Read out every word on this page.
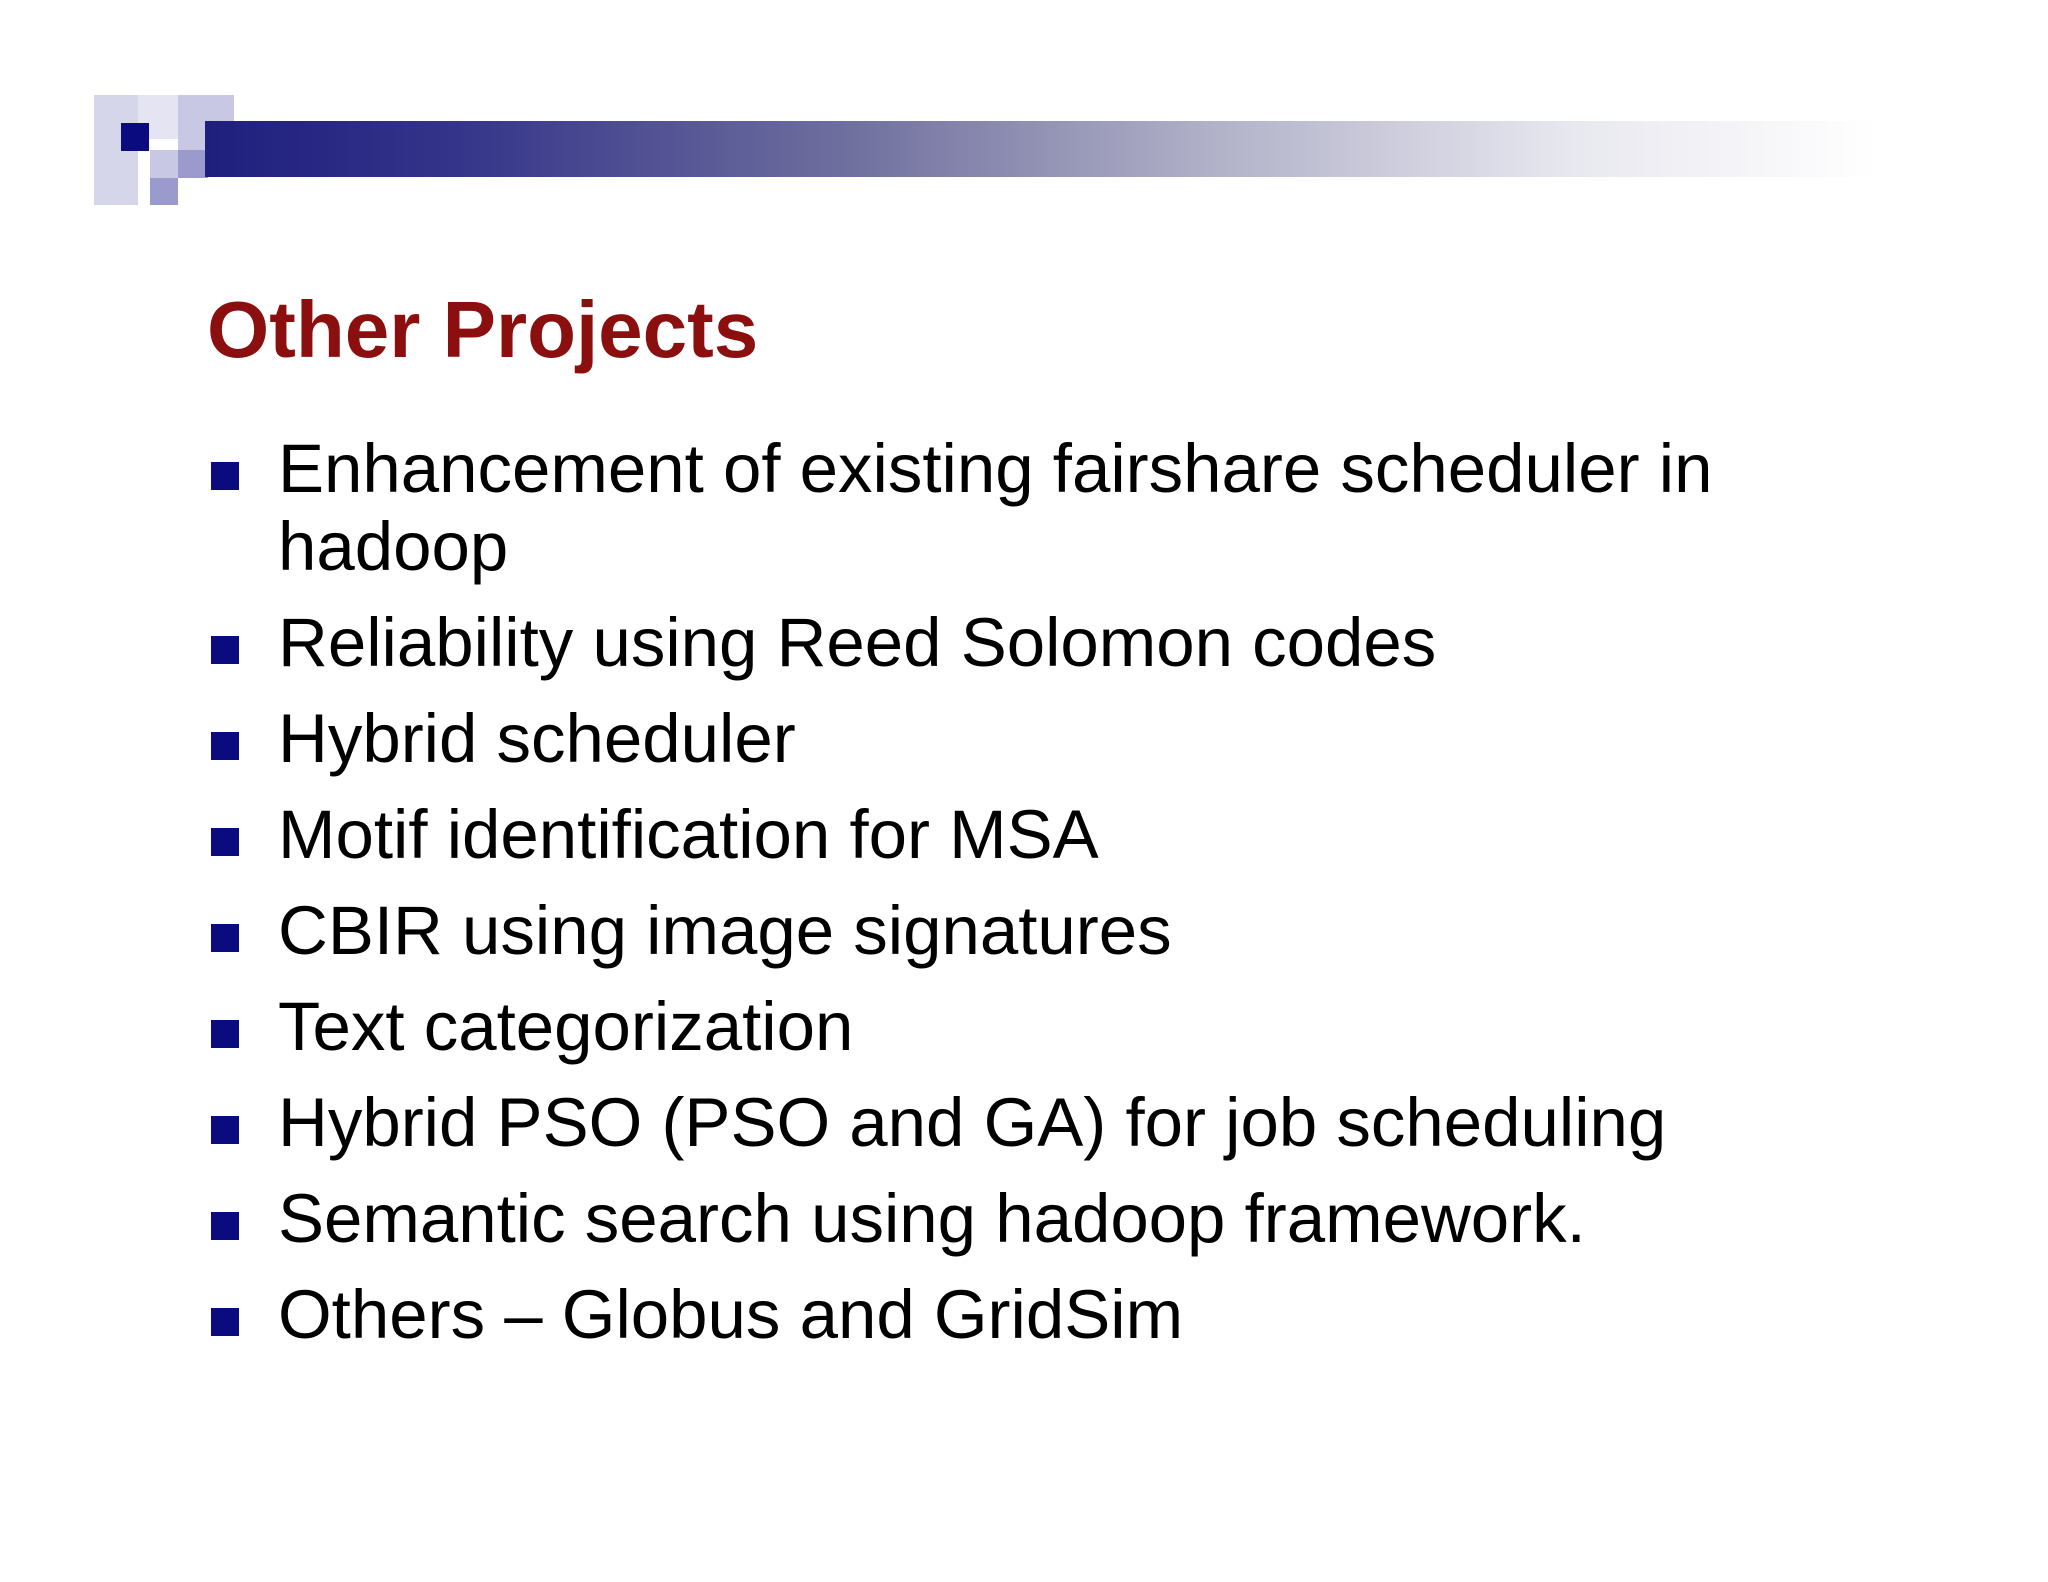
Other Projects
Enhancement of existing fairshare scheduler in hadoop
Reliability using Reed Solomon codes
Hybrid scheduler
Motif identification for MSA
CBIR using image signatures
Text categorization
Hybrid PSO (PSO and GA) for job scheduling
Semantic search using hadoop framework.
Others – Globus and GridSim
